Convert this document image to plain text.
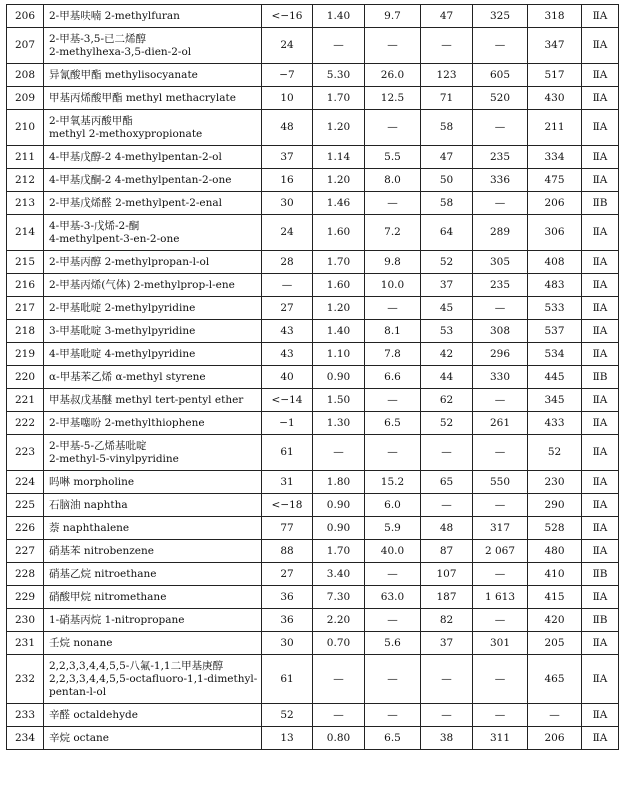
206	2-甲基呋喃 2-methylfuran	<−16	1.40	9.7	47	325	318	ⅡA
207	2-甲基-3,5-已二烯醇
2-methylhexa-3,5-dien-2-ol	24	—	—	—	—	347	ⅡA
208	异氰酸甲酯 methylisocyanate	−7	5.30	26.0	123	605	517	ⅡA
209	甲基丙烯酸甲酯 methyl methacrylate	10	1.70	12.5	71	520	430	ⅡA
210	2-甲氧基丙酸甲酯
methyl 2-methoxypropionate	48	1.20	—	58	—	211	ⅡA
211	4-甲基戊醇-2 4-methylpentan-2-ol	37	1.14	5.5	47	235	334	ⅡA
212	4-甲基戊酮-2 4-methylpentan-2-one	16	1.20	8.0	50	336	475	ⅡA
213	2-甲基戊烯醛 2-methylpent-2-enal	30	1.46	—	58	—	206	ⅡB
214	4-甲基-3-戊烯-2-酮
4-methylpent-3-en-2-one	24	1.60	7.2	64	289	306	ⅡA
215	2-甲基丙醇 2-methylpropan-l-ol	28	1.70	9.8	52	305	408	ⅡA
216	2-甲基丙烯(气体) 2-methylprop-l-ene	—	1.60	10.0	37	235	483	ⅡA
217	2-甲基吡啶 2-methylpyridine	27	1.20	—	45	—	533	ⅡA
218	3-甲基吡啶 3-methylpyridine	43	1.40	8.1	53	308	537	ⅡA
219	4-甲基吡啶 4-methylpyridine	43	1.10	7.8	42	296	534	ⅡA
220	α-甲基苯乙烯 α-methyl styrene	40	0.90	6.6	44	330	445	ⅡB
221	甲基叔戊基醚 methyl tert-pentyl ether	<−14	1.50	—	62	—	345	ⅡA
222	2-甲基噻吩 2-methylthiophene	−1	1.30	6.5	52	261	433	ⅡA
223	2-甲基-5-乙烯基吡啶
2-methyl-5-vinylpyridine	61	—	—	—	—	52	ⅡA
224	吗啉 morpholine	31	1.80	15.2	65	550	230	ⅡA
225	石脑油 naphtha	<−18	0.90	6.0	—	—	290	ⅡA
226	萘 naphthalene	77	0.90	5.9	48	317	528	ⅡA
227	硝基苯 nitrobenzene	88	1.70	40.0	87	2 067	480	ⅡA
228	硝基乙烷 nitroethane	27	3.40	—	107	—	410	ⅡB
229	硝酸甲烷 nitromethane	36	7.30	63.0	187	1 613	415	ⅡA
230	1-硝基丙烷 1-nitropropane	36	2.20	—	82	—	420	ⅡB
231	壬烷 nonane	30	0.70	5.6	37	301	205	ⅡA
232	2,2,3,3,4,4,5,5-八氟-1,1二甲基庚醇
2,2,3,3,4,4,5,5-octafluoro-1,1-dimethyl-
pentan-l-ol	61	—	—	—	—	465	ⅡA
233	辛醛 octaldehyde	52	—	—	—	—	—	ⅡA
234	辛烷 octane	13	0.80	6.5	38	311	206	ⅡA
